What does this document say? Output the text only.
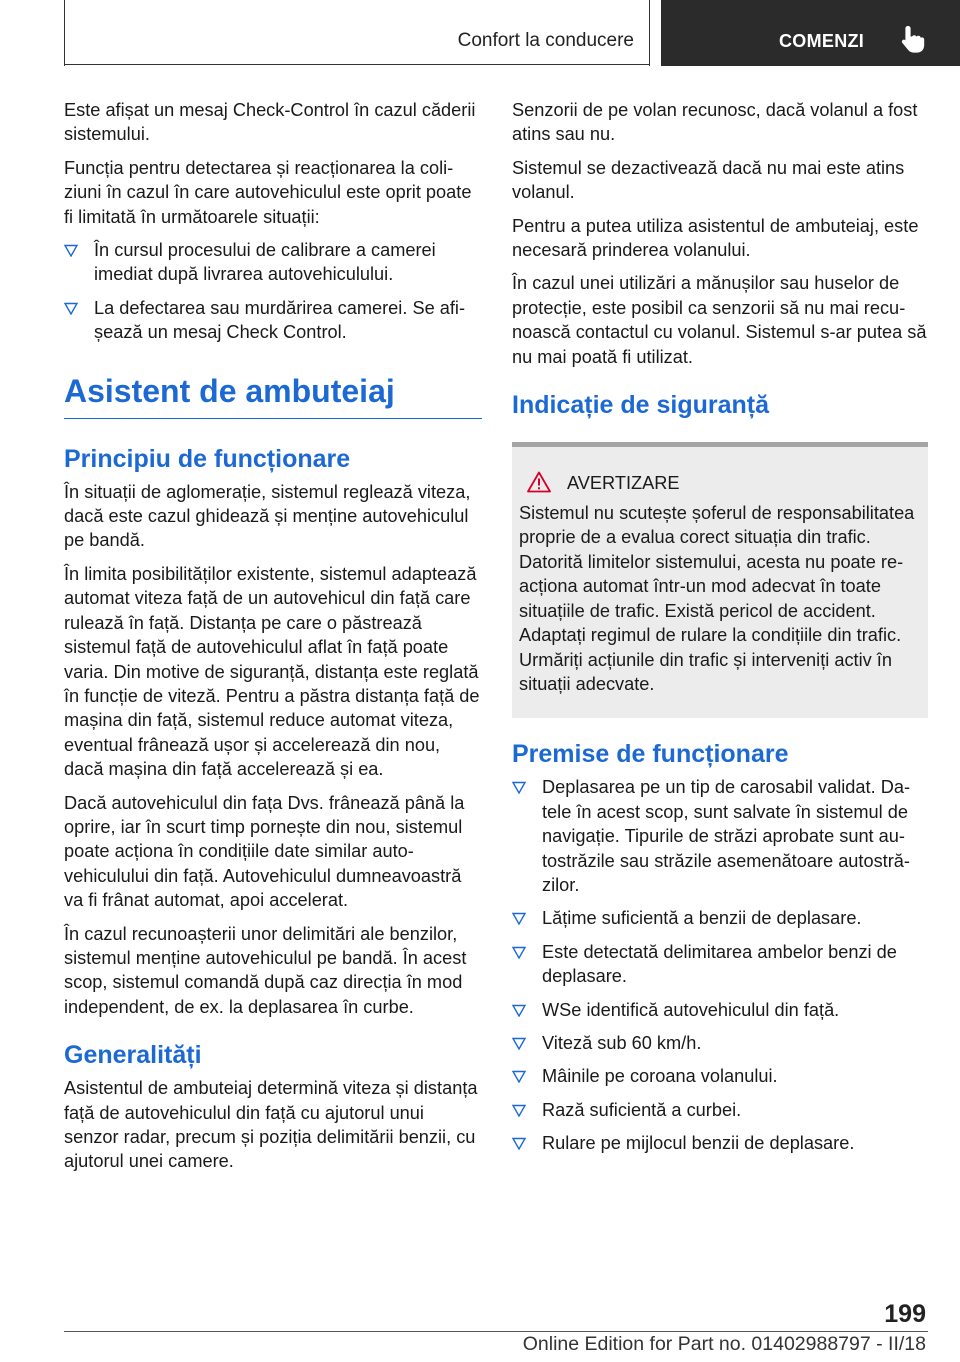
Confort la conducere	COMENZI

Este afișat un mesaj Check-Control în cazul căderii sistemului.

Funcția pentru detectarea și reacționarea la coliziuni în cazul în care autovehiculul este oprit poate fi limitată în următoarele situații:

În cursul procesului de calibrare a camerei imediat după livrarea autovehiculului.
La defectarea sau murdărirea camerei. Se afișează un mesaj Check Control.
Asistent de ambuteiaj
Principiu de funcționare

În situații de aglomerație, sistemul reglează viteza, dacă este cazul ghidează și menține autovehiculul pe bandă.

În limita posibilităților existente, sistemul adaptează automat viteza față de un autovehicul din față care rulează în față. Distanța pe care o păstrează sistemul față de autovehiculul aflat în față poate varia. Din motive de siguranță, distanța este reglată în funcție de viteză. Pentru a păstra distanța față de mașina din față, sistemul reduce automat viteza, eventual frânează ușor și accelerează din nou, dacă mașina din față accelerează și ea.

Dacă autovehiculul din fața Dvs. frânează până la oprire, iar în scurt timp pornește din nou, sistemul poate acționa în condițiile date similar autovehiculului din față. Autovehiculul dumneavoastră va fi frânat automat, apoi accelerat.

În cazul recunoașterii unor delimitări ale benzilor, sistemul menține autovehiculul pe bandă. În acest scop, sistemul comandă după caz direcția în mod independent, de ex. la deplasarea în curbe.

Generalități

Asistentul de ambuteiaj determină viteza și distanța față de autovehiculul din față cu ajutorul unui senzor radar, precum și poziția delimitării benzii, cu ajutorul unei camere.

Senzorii de pe volan recunosc, dacă volanul a fost atins sau nu.

Sistemul se dezactivează dacă nu mai este atins volanul.

Pentru a putea utiliza asistentul de ambuteiaj, este necesară prinderea volanului.

În cazul unei utilizări a mănușilor sau huselor de protecție, este posibil ca senzorii să nu mai recunoască contactul cu volanul. Sistemul s-ar putea să nu mai poată fi utilizat.

Indicație de siguranță
AVERTIZARE

Sistemul nu scutește șoferul de responsabilitatea proprie de a evalua corect situația din trafic. Datorită limitelor sistemului, acesta nu poate reacționa automat într-un mod adecvat în toate situațiile de trafic. Există pericol de accident. Adaptați regimul de rulare la condițiile din trafic. Urmăriți acțiunile din trafic și interveniți activ în situații adecvate.

Premise de funcționare
Deplasarea pe un tip de carosabil validat. Datele în acest scop, sunt salvate în sistemul de navigație. Tipurile de străzi aprobate sunt autostrăzile sau străzile asemenătoare autostrăzilor.
Lățime suficientă a benzii de deplasare.
Este detectată delimitarea ambelor benzi de deplasare.
WSe identifică autovehiculul din față.
Viteză sub 60 km/h.
Mâinile pe coroana volanului.
Rază suficientă a curbei.
Rulare pe mijlocul benzii de deplasare.
199
Online Edition for Part no. 01402988797 - II/18
